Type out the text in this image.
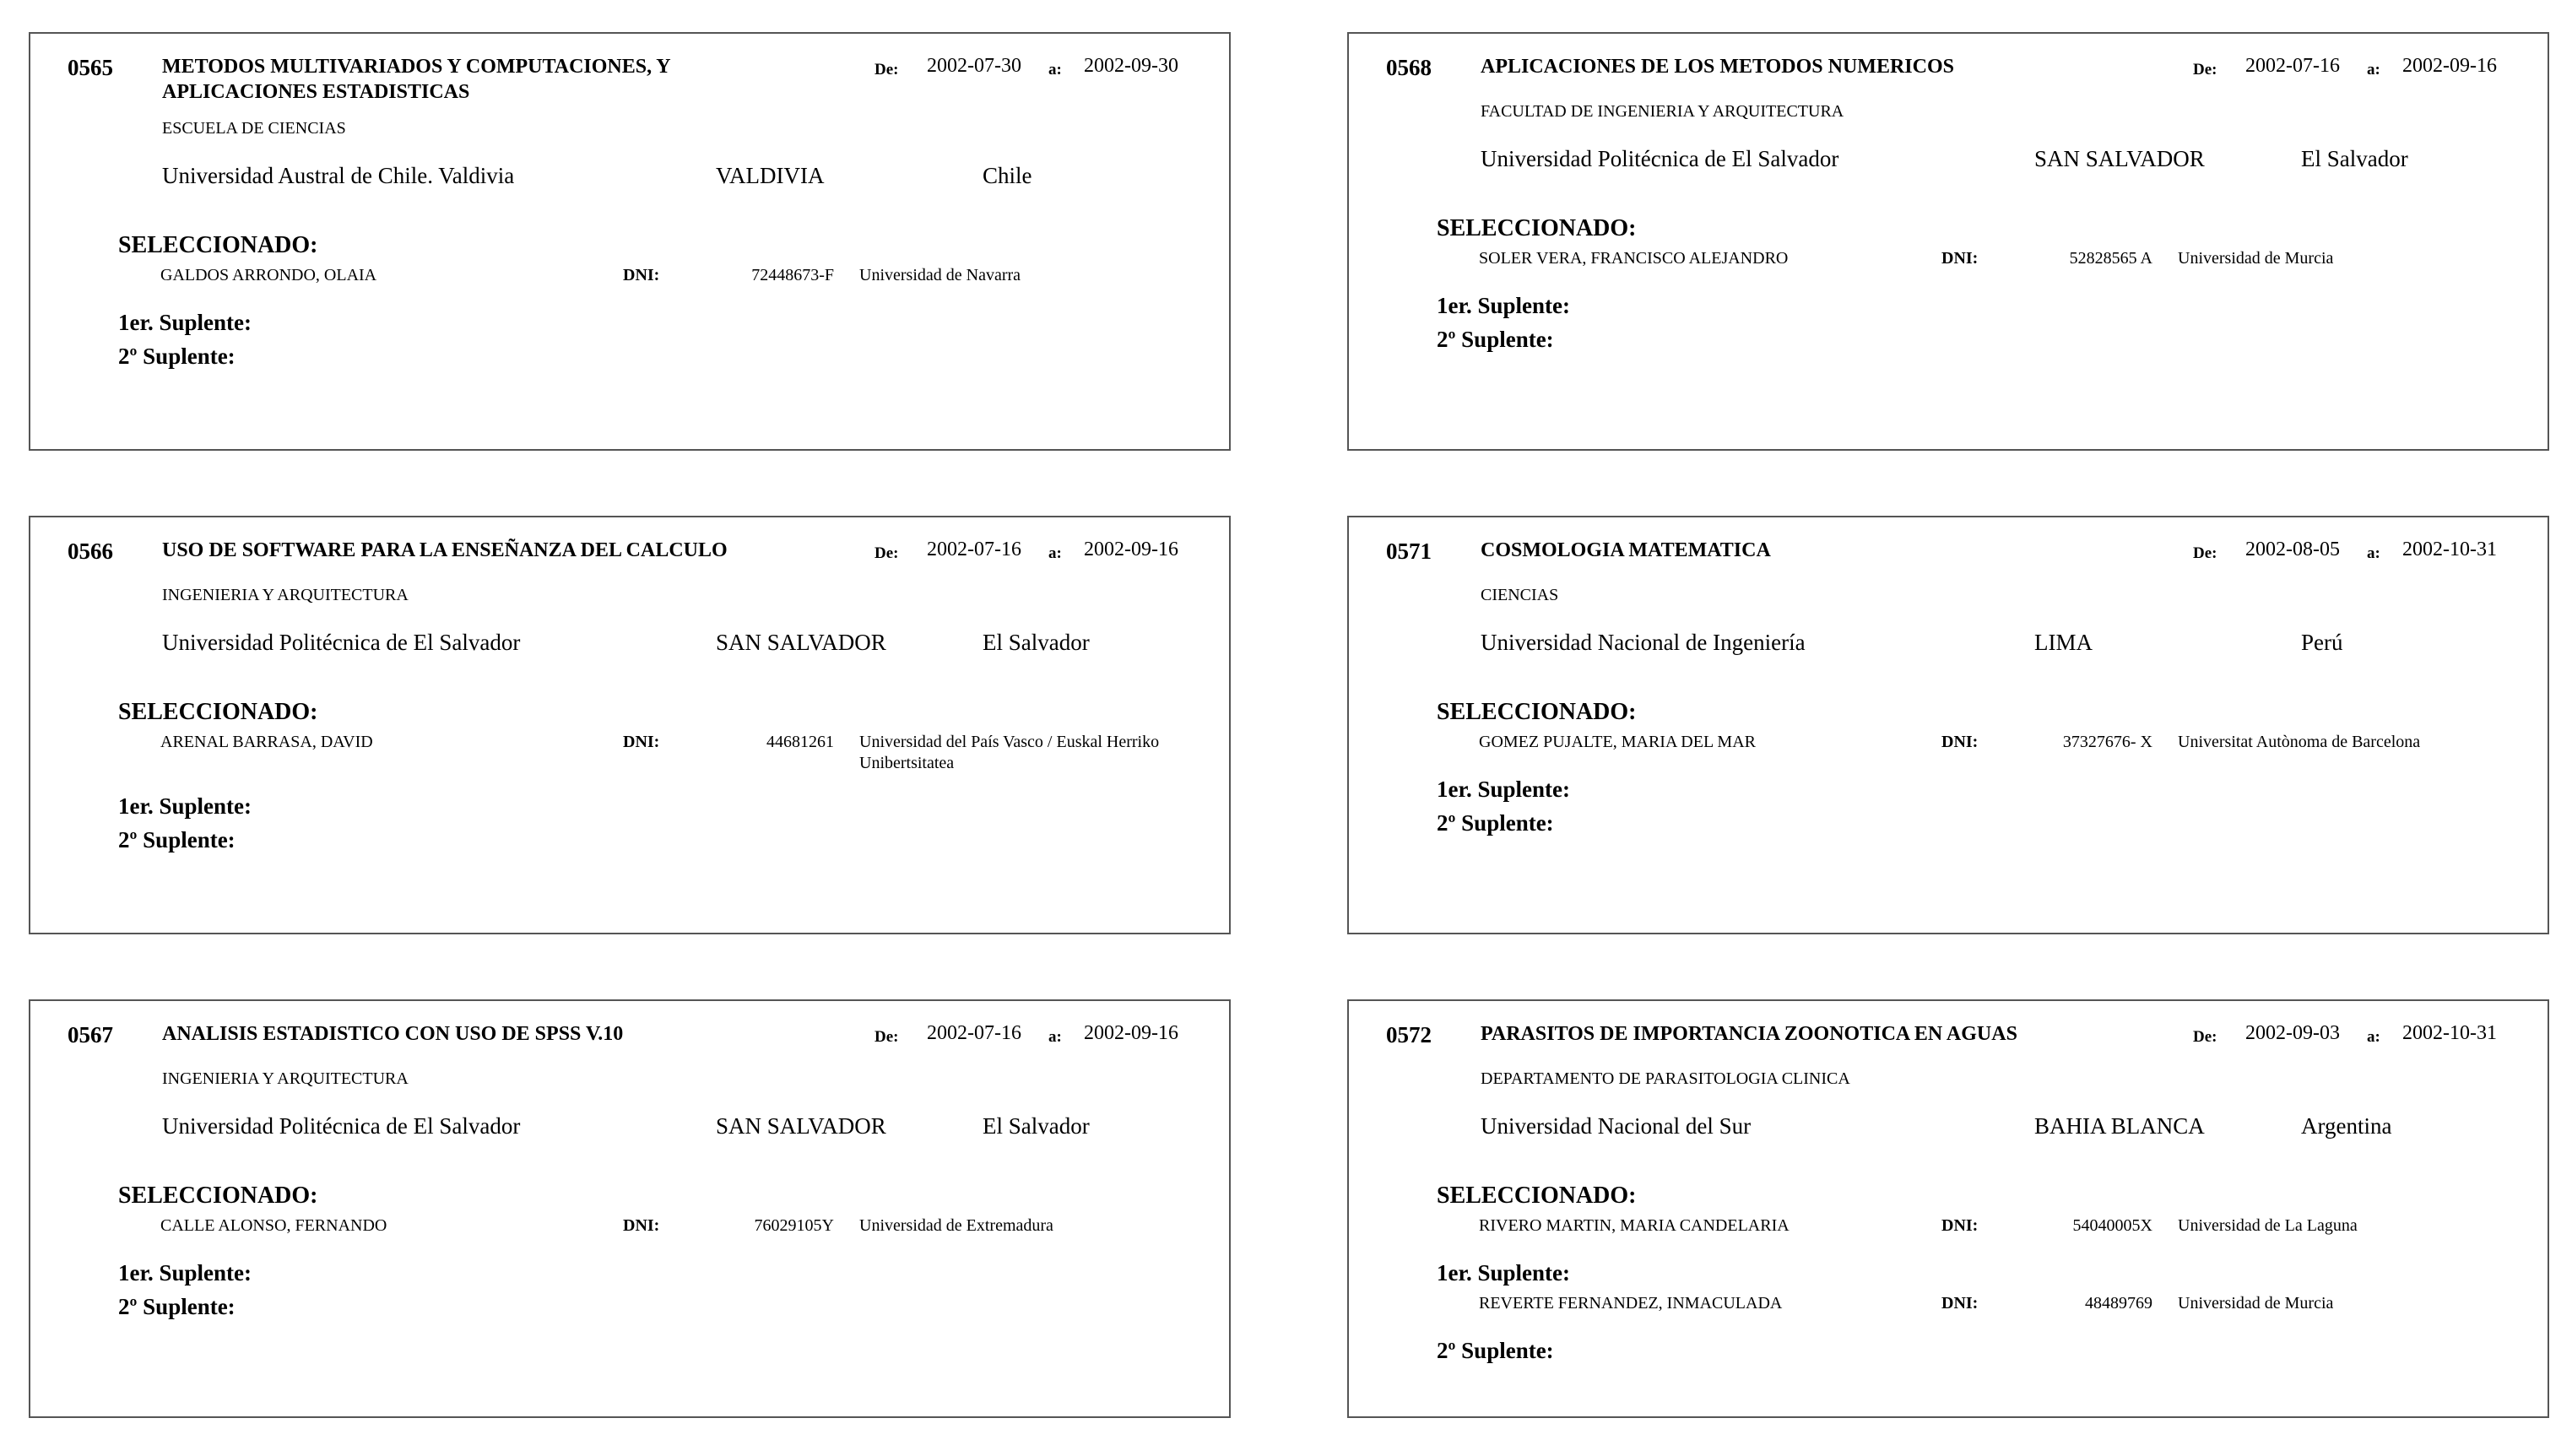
0565 METODOS MULTIVARIADOS Y COMPUTACIONES, Y APLICACIONES ESTADISTICAS
De: 2002-07-30 a: 2002-09-30
ESCUELA DE CIENCIAS
Universidad Austral de Chile. Valdivia	VALDIVIA	Chile
SELECCIONADO:
GALDOS ARRONDO, OLAIA	DNI:	72448673-F Universidad de Navarra
1er. Suplente:
2º Suplente:
0568 APLICACIONES DE LOS METODOS NUMERICOS	De: 2002-07-16 a: 2002-09-16
FACULTAD DE INGENIERIA Y ARQUITECTURA
Universidad Politécnica de El Salvador	SAN SALVADOR	El Salvador
SELECCIONADO:
SOLER VERA, FRANCISCO ALEJANDRO	DNI:	52828565 A Universidad de Murcia
1er. Suplente:
2º Suplente:
0566 USO DE SOFTWARE PARA LA ENSEÑANZA DEL CALCULO	De: 2002-07-16 a: 2002-09-16
INGENIERIA Y ARQUITECTURA
Universidad Politécnica de El Salvador	SAN SALVADOR	El Salvador
SELECCIONADO:
ARENAL BARRASA, DAVID	DNI:	44681261 Universidad del País Vasco / Euskal Herriko Unibertsitatea
1er. Suplente:
2º Suplente:
0571 COSMOLOGIA MATEMATICA	De: 2002-08-05 a: 2002-10-31
CIENCIAS
Universidad Nacional de Ingeniería	LIMA	Perú
SELECCIONADO:
GOMEZ PUJALTE, MARIA DEL MAR	DNI:	37327676- X Universitat Autònoma de Barcelona
1er. Suplente:
2º Suplente:
0567 ANALISIS ESTADISTICO CON USO DE SPSS V.10	De: 2002-07-16 a: 2002-09-16
INGENIERIA Y ARQUITECTURA
Universidad Politécnica de El Salvador	SAN SALVADOR	El Salvador
SELECCIONADO:
CALLE ALONSO, FERNANDO	DNI:	76029105Y Universidad de Extremadura
1er. Suplente:
2º Suplente:
0572 PARASITOS DE IMPORTANCIA ZOONOTICA EN AGUAS	De: 2002-09-03 a: 2002-10-31
DEPARTAMENTO DE PARASITOLOGIA CLINICA
Universidad Nacional del Sur	BAHIA BLANCA	Argentina
SELECCIONADO:
RIVERO MARTIN, MARIA CANDELARIA	DNI:	54040005X Universidad de La Laguna
1er. Suplente:
REVERTE FERNANDEZ, INMACULADA	DNI:	48489769 Universidad de Murcia
2º Suplente:
